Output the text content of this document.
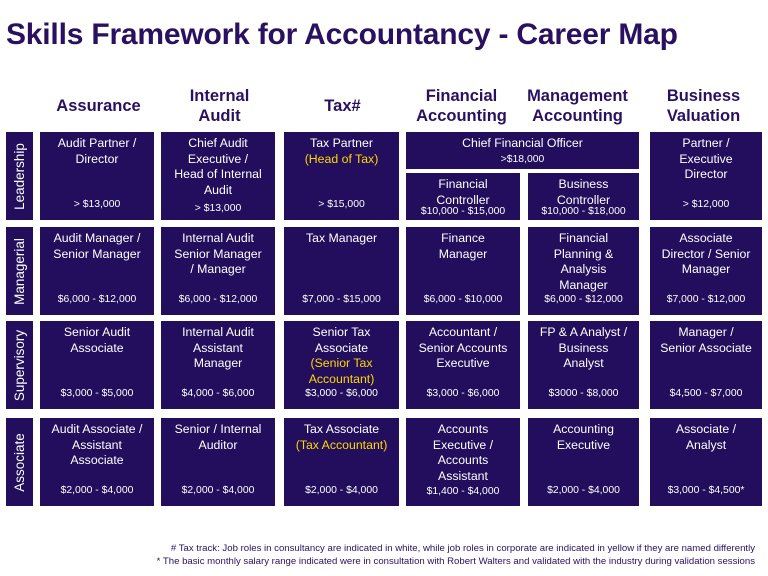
Skills Framework for Accountancy - Career Map
Assurance
Internal
Audit
Tax#
Financial
Accounting
Management
Accounting
Business
Valuation
Leadership
Managerial
Supervisory
Associate
Audit Partner /
Director
> $13,000
Chief Audit
Executive /
Head of Internal
Audit
> $13,000
Tax Partner
(Head of Tax)
> $15,000
Chief Financial Officer
>$18,000
Financial
Controller
$10,000 - $15,000
Business
Controller
$10,000 - $18,000
Partner /
Executive
Director
> $12,000
Audit Manager /
Senior Manager
$6,000 - $12,000
Internal Audit
Senior Manager
/ Manager
$6,000 - $12,000
Tax Manager
$7,000 - $15,000
Finance
Manager
$6,000 - $10,000
Financial
Planning &
Analysis
Manager
$6,000 - $12,000
Associate
Director / Senior
Manager
$7,000 - $12,000
Senior Audit
Associate
$3,000 - $5,000
Internal Audit
Assistant
Manager
$4,000 - $6,000
Senior Tax
Associate
(Senior Tax
Accountant)
$3,000 - $6,000
Accountant /
Senior Accounts
Executive
$3,000 - $6,000
FP & A Analyst /
Business
Analyst
$3000 - $8,000
Manager /
Senior Associate
$4,500 - $7,000
Audit Associate /
Assistant
Associate
$2,000 - $4,000
Senior / Internal
Auditor
$2,000 - $4,000
Tax Associate
(Tax Accountant)
$2,000 - $4,000
Accounts
Executive /
Accounts
Assistant
$1,400 - $4,000
Accounting
Executive
$2,000 - $4,000
Associate /
Analyst
$3,000 - $4,500*
# Tax track: Job roles in consultancy are indicated in white, while job roles in corporate are indicated in yellow if they are named differently
* The basic monthly salary range indicated were in consultation with Robert Walters and validated with the industry during validation sessions
